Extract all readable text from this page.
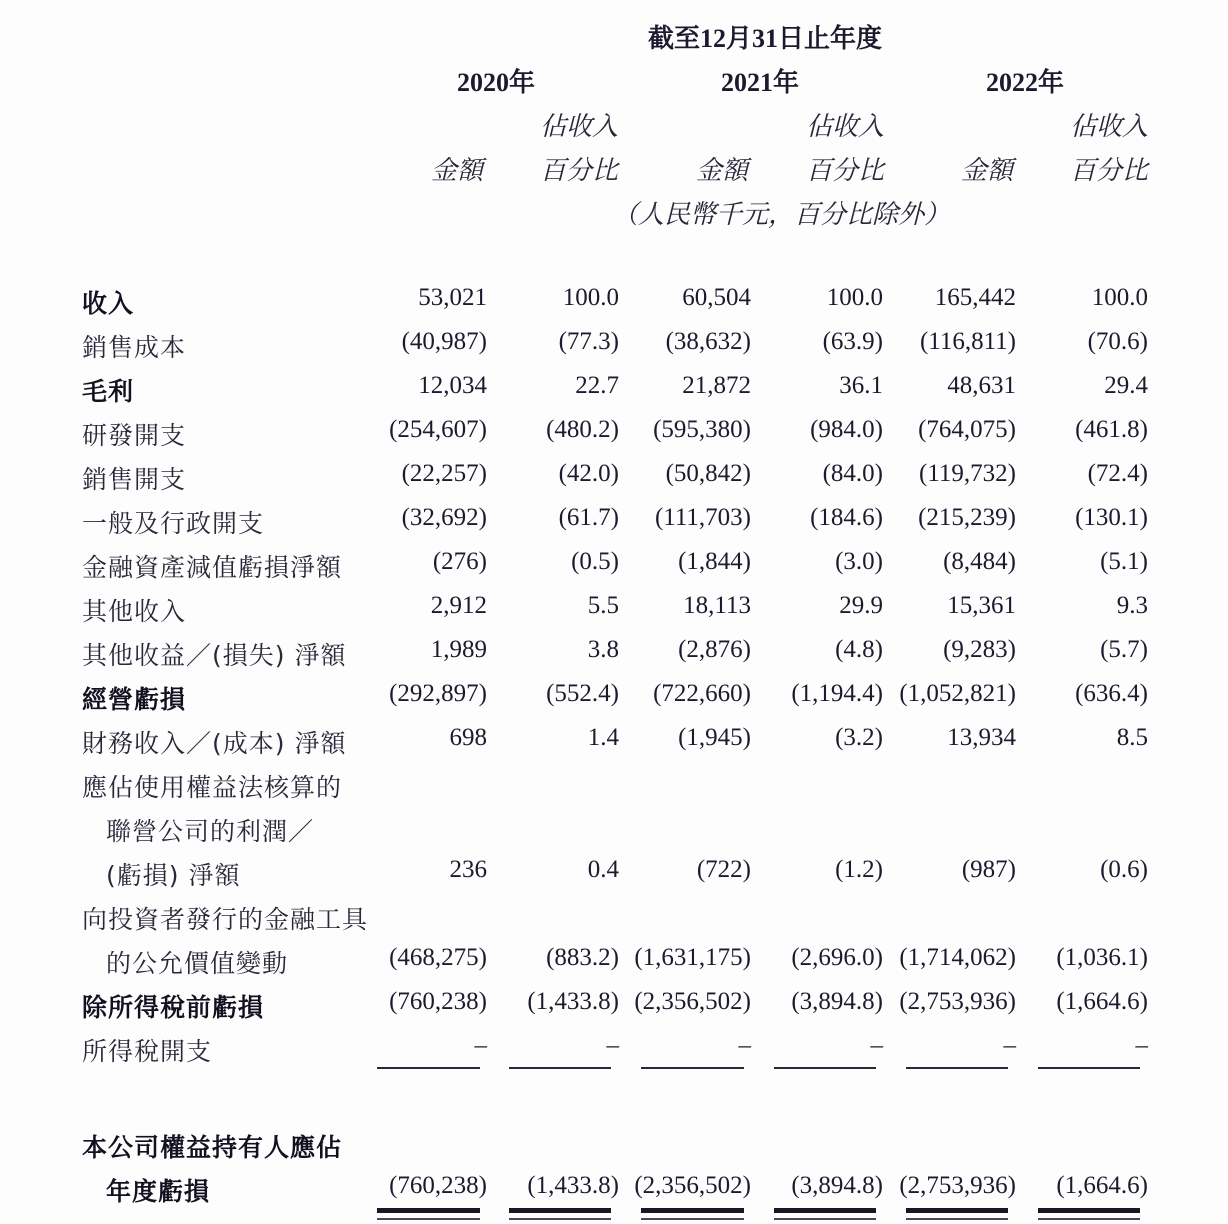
截至12月31日止年度
2020年	2021年	2022年
佔收入	佔收入	佔收入
金額 百分比	金額 百分比	金額 百分比
（人民幣千元，百分比除外）
收入	53,021	100.0	60,504	100.0	165,442	100.0
銷售成本	(40,987)	(77.3)	(38,632)	(63.9)	(116,811)	(70.6)
毛利	12,034	22.7	21,872	36.1	48,631	29.4
研發開支	(254,607)	(480.2)	(595,380)	(984.0)	(764,075)	(461.8)
銷售開支	(22,257)	(42.0)	(50,842)	(84.0)	(119,732)	(72.4)
一般及行政開支	(32,692)	(61.7)	(111,703)	(184.6)	(215,239)	(130.1)
金融資產減值虧損淨額	(276)	(0.5)	(1,844)	(3.0)	(8,484)	(5.1)
其他收入	2,912	5.5	18,113	29.9	15,361	9.3
其他收益／(損失) 淨額	1,989	3.8	(2,876)	(4.8)	(9,283)	(5.7)
經營虧損	(292,897)	(552.4)	(722,660)	(1,194.4) (1,052,821)	(636.4)
財務收入／(成本) 淨額	698	1.4	(1,945)	(3.2)	13,934	8.5
應佔使用權益法核算的
聯營公司的利潤／
(虧損) 淨額	236	0.4	(722)	(1.2)	(987)	(0.6)
向投資者發行的金融工具
的公允價值變動	(468,275)	(883.2) (1,631,175)	(2,696.0) (1,714,062)	(1,036.1)
除所得稅前虧損	(760,238)	(1,433.8) (2,356,502)	(3,894.8) (2,753,936)	(1,664.6)
所得稅開支	–	–	–	–	–	–
本公司權益持有人應佔
年度虧損	(760,238)	(1,433.8) (2,356,502)	(3,894.8) (2,753,936)	(1,664.6)
